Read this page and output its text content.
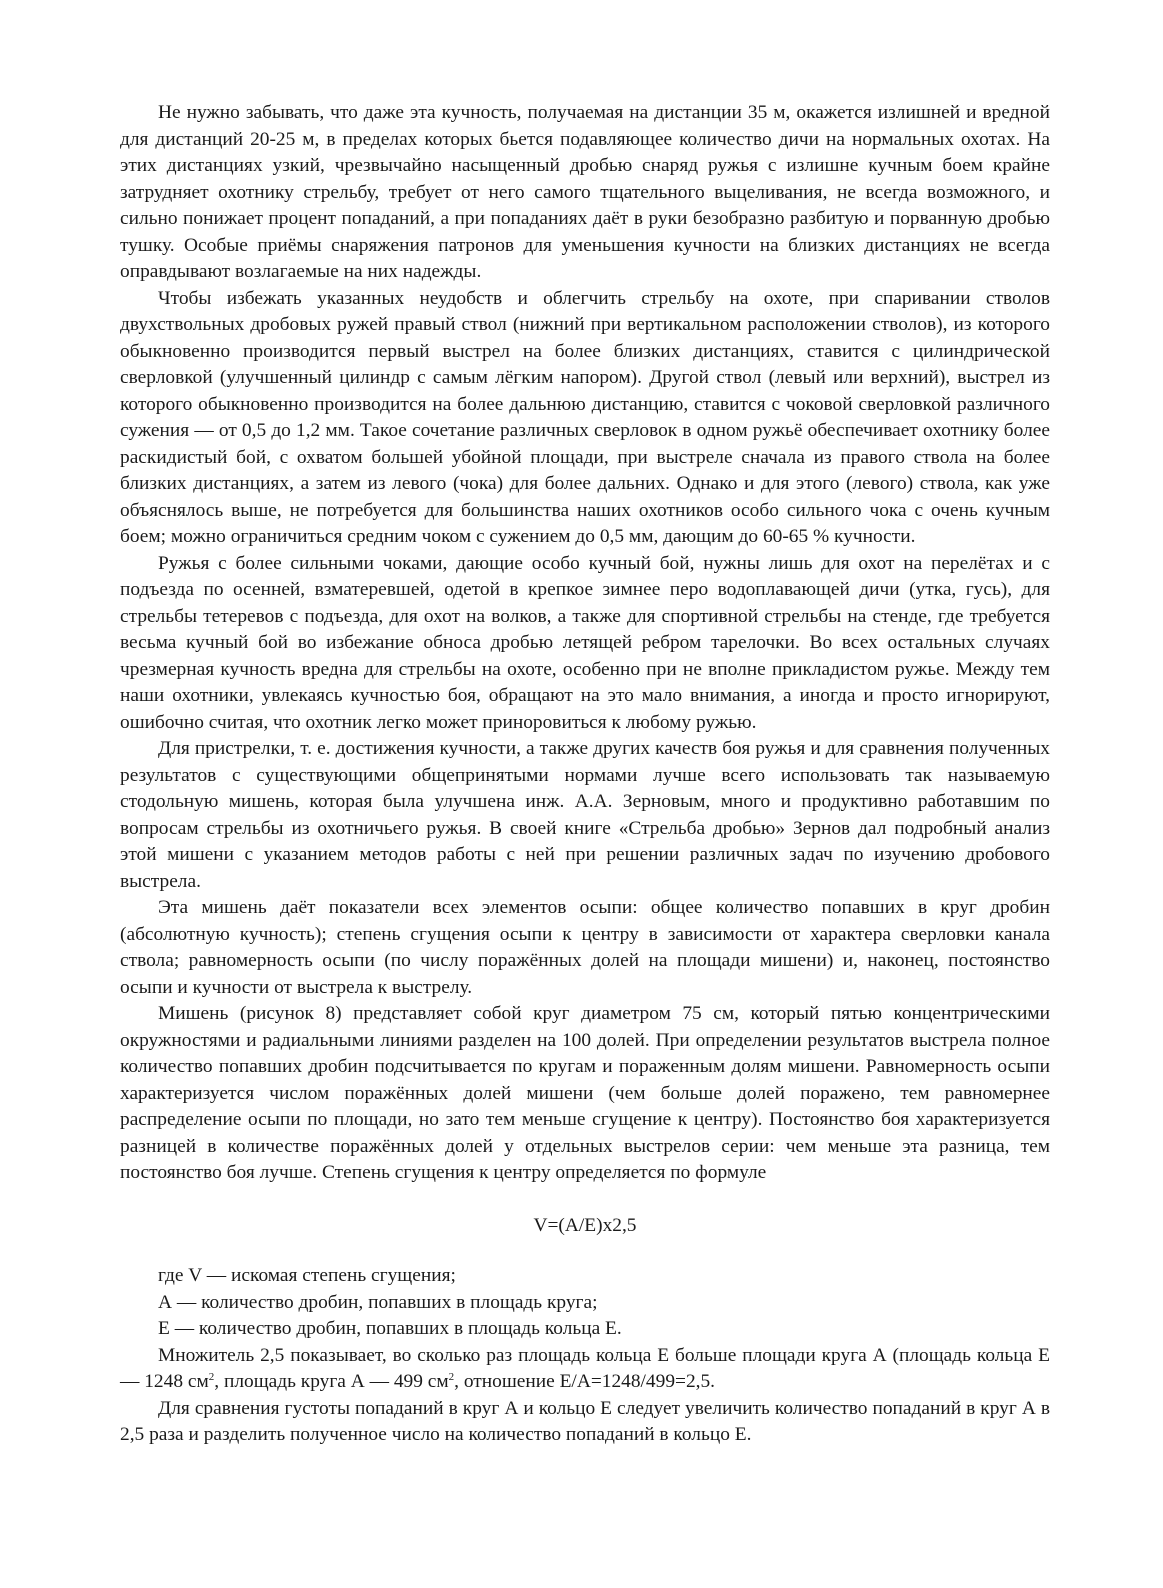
Не нужно забывать, что даже эта кучность, получаемая на дистанции 35 м, окажется излишней и вредной для дистанций 20-25 м, в пределах которых бьется подавляющее количество дичи на нормальных охотах. На этих дистанциях узкий, чрезвычайно насыщенный дробью снаряд ружья с излишне кучным боем крайне затрудняет охотнику стрельбу, требует от него самого тщательного выцеливания, не всегда возможного, и сильно понижает процент попаданий, а при попаданиях даёт в руки безобразно разбитую и порванную дробью тушку. Особые приёмы снаряжения патронов для уменьшения кучности на близких дистанциях не всегда оправдывают возлагаемые на них надежды.

Чтобы избежать указанных неудобств и облегчить стрельбу на охоте, при спаривании стволов двухствольных дробовых ружей правый ствол (нижний при вертикальном расположении стволов), из которого обыкновенно производится первый выстрел на более близких дистанциях, ставится с цилиндрической сверловкой (улучшенный цилиндр с самым лёгким напором). Другой ствол (левый или верхний), выстрел из которого обыкновенно производится на более дальнюю дистанцию, ставится с чоковой сверловкой различного сужения — от 0,5 до 1,2 мм. Такое сочетание различных сверловок в одном ружьё обеспечивает охотнику более раскидистый бой, с охватом большей убойной площади, при выстреле сначала из правого ствола на более близких дистанциях, а затем из левого (чока) для более дальних. Однако и для этого (левого) ствола, как уже объяснялось выше, не потребуется для большинства наших охотников особо сильного чока с очень кучным боем; можно ограничиться средним чоком с сужением до 0,5 мм, дающим до 60-65 % кучности.

Ружья с более сильными чоками, дающие особо кучный бой, нужны лишь для охот на перелётах и с подъезда по осенней, взматеревшей, одетой в крепкое зимнее перо водоплавающей дичи (утка, гусь), для стрельбы тетеревов с подъезда, для охот на волков, а также для спортивной стрельбы на стенде, где требуется весьма кучный бой во избежание обноса дробью летящей ребром тарелочки. Во всех остальных случаях чрезмерная кучность вредна для стрельбы на охоте, особенно при не вполне прикладистом ружье. Между тем наши охотники, увлекаясь кучностью боя, обращают на это мало внимания, а иногда и просто игнорируют, ошибочно считая, что охотник легко может приноровиться к любому ружью.

Для пристрелки, т. е. достижения кучности, а также других качеств боя ружья и для сравнения полученных результатов с существующими общепринятыми нормами лучше всего использовать так называемую стодольную мишень, которая была улучшена инж. А.А. Зерновым, много и продуктивно работавшим по вопросам стрельбы из охотничьего ружья. В своей книге «Стрельба дробью» Зернов дал подробный анализ этой мишени с указанием методов работы с ней при решении различных задач по изучению дробового выстрела.

Эта мишень даёт показатели всех элементов осыпи: общее количество попавших в круг дробин (абсолютную кучность); степень сгущения осыпи к центру в зависимости от характера сверловки канала ствола; равномерность осыпи (по числу поражённых долей на площади мишени) и, наконец, постоянство осыпи и кучности от выстрела к выстрелу.

Мишень (рисунок 8) представляет собой круг диаметром 75 см, который пятью концентрическими окружностями и радиальными линиями разделен на 100 долей. При определении результатов выстрела полное количество попавших дробин подсчитывается по кругам и пораженным долям мишени. Равномерность осыпи характеризуется числом поражённых долей мишени (чем больше долей поражено, тем равномернее распределение осыпи по площади, но зато тем меньше сгущение к центру). Постоянство боя характеризуется разницей в количестве поражённых долей у отдельных выстрелов серии: чем меньше эта разница, тем постоянство боя лучше. Степень сгущения к центру определяется по формуле

V=(A/E)x2,5
где V — искомая степень сгущения;
А — количество дробин, попавших в площадь круга;
Е — количество дробин, попавших в площадь кольца Е.

Множитель 2,5 показывает, во сколько раз площадь кольца Е больше площади круга А (площадь кольца Е — 1248 $см^2$, площадь круга А — 499 $см^2$, отношение Е/А=1248/499=2,5.

Для сравнения густоты попаданий в круг А и кольцо Е следует увеличить количество попаданий в круг А в 2,5 раза и разделить полученное число на количество попаданий в кольцо Е.
